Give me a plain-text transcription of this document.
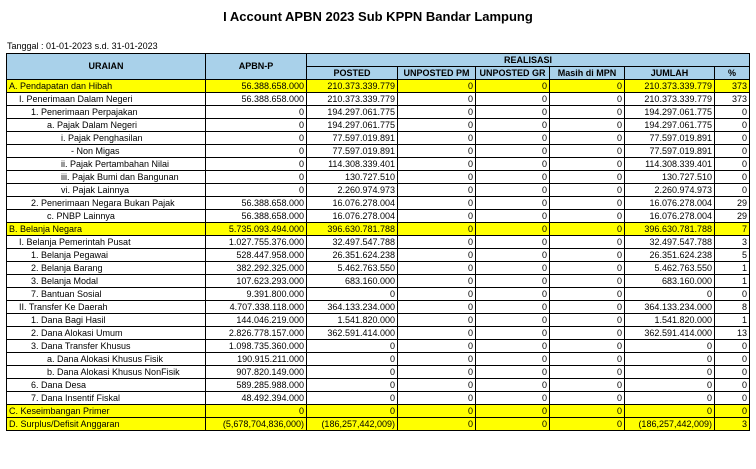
I Account APBN 2023 Sub KPPN Bandar Lampung
Tanggal : 01-01-2023 s.d. 31-01-2023
URAIAN	APBN-P	REALISASI					
		POSTED	UNPOSTED PM	UNPOSTED GR	Masih di MPN	JUMLAH	%
A. Pendapatan dan Hibah	56.388.658.000	210.373.339.779	0	0	0	210.373.339.779	373
I. Penerimaan Dalam Negeri	56.388.658.000	210.373.339.779	0	0	0	210.373.339.779	373
1. Penerimaan Perpajakan	0	194.297.061.775	0	0	0	194.297.061.775	0
a. Pajak Dalam Negeri	0	194.297.061.775	0	0	0	194.297.061.775	0
i. Pajak Penghasilan	0	77.597.019.891	0	0	0	77.597.019.891	0
- Non Migas	0	77.597.019.891	0	0	0	77.597.019.891	0
ii. Pajak Pertambahan Nilai	0	114.308.339.401	0	0	0	114.308.339.401	0
iii. Pajak Bumi dan Bangunan	0	130.727.510	0	0	0	130.727.510	0
vi. Pajak Lainnya	0	2.260.974.973	0	0	0	2.260.974.973	0
2. Penerimaan Negara Bukan Pajak	56.388.658.000	16.076.278.004	0	0	0	16.076.278.004	29
c. PNBP Lainnya	56.388.658.000	16.076.278.004	0	0	0	16.076.278.004	29
B. Belanja Negara	5.735.093.494.000	396.630.781.788	0	0	0	396.630.781.788	7
I. Belanja Pemerintah Pusat	1.027.755.376.000	32.497.547.788	0	0	0	32.497.547.788	3
1. Belanja Pegawai	528.447.958.000	26.351.624.238	0	0	0	26.351.624.238	5
2. Belanja Barang	382.292.325.000	5.462.763.550	0	0	0	5.462.763.550	1
3. Belanja Modal	107.623.293.000	683.160.000	0	0	0	683.160.000	1
7. Bantuan Sosial	9.391.800.000	0	0	0	0	0	0
II. Transfer Ke Daerah	4.707.338.118.000	364.133.234.000	0	0	0	364.133.234.000	8
1. Dana Bagi Hasil	144.046.219.000	1.541.820.000	0	0	0	1.541.820.000	1
2. Dana Alokasi Umum	2.826.778.157.000	362.591.414.000	0	0	0	362.591.414.000	13
3. Dana Transfer Khusus	1.098.735.360.000	0	0	0	0	0	0
a. Dana Alokasi Khusus Fisik	190.915.211.000	0	0	0	0	0	0
b. Dana Alokasi Khusus NonFisik	907.820.149.000	0	0	0	0	0	0
6. Dana Desa	589.285.988.000	0	0	0	0	0	0
7. Dana Insentif Fiskal	48.492.394.000	0	0	0	0	0	0
C. Keseimbangan Primer	0	0	0	0	0	0	0
D. Surplus/Defisit Anggaran	(5,678,704,836,000)	(186,257,442,009)	0	0	0	(186,257,442,009)	3
